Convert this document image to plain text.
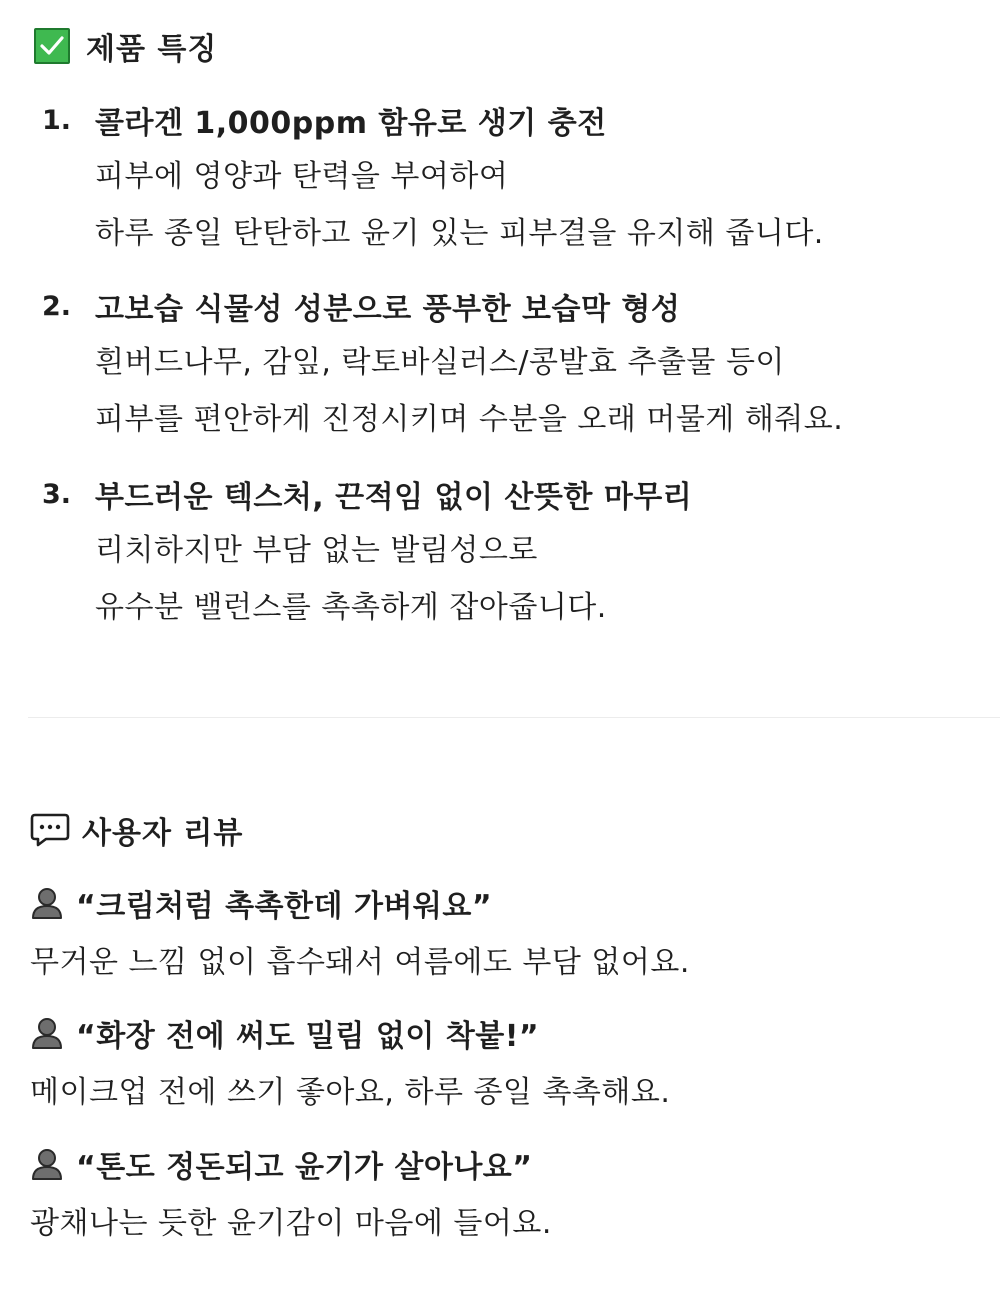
제품 특징
1. 콜라겐 1,000ppm 함유로 생기 충전
피부에 영양과 탄력을 부여하여
하루 종일 탄탄하고 윤기 있는 피부결을 유지해 줍니다.
2. 고보습 식물성 성분으로 풍부한 보습막 형성
흰버드나무, 감잎, 락토바실러스/콩발효 추출물 등이
피부를 편안하게 진정시키며 수분을 오래 머물게 해줘요.
3. 부드러운 텍스처, 끈적임 없이 산뜻한 마무리
리치하지만 부담 없는 발림성으로
유수분 밸런스를 촉촉하게 잡아줍니다.
사용자 리뷰
“크림처럼 촉촉한데 가벼워요”
무거운 느낌 없이 흡수돼서 여름에도 부담 없어요.
“화장 전에 써도 밀림 없이 착붙!”
메이크업 전에 쓰기 좋아요, 하루 종일 촉촉해요.
“톤도 정돈되고 윤기가 살아나요”
광채나는 듯한 윤기감이 마음에 들어요.
